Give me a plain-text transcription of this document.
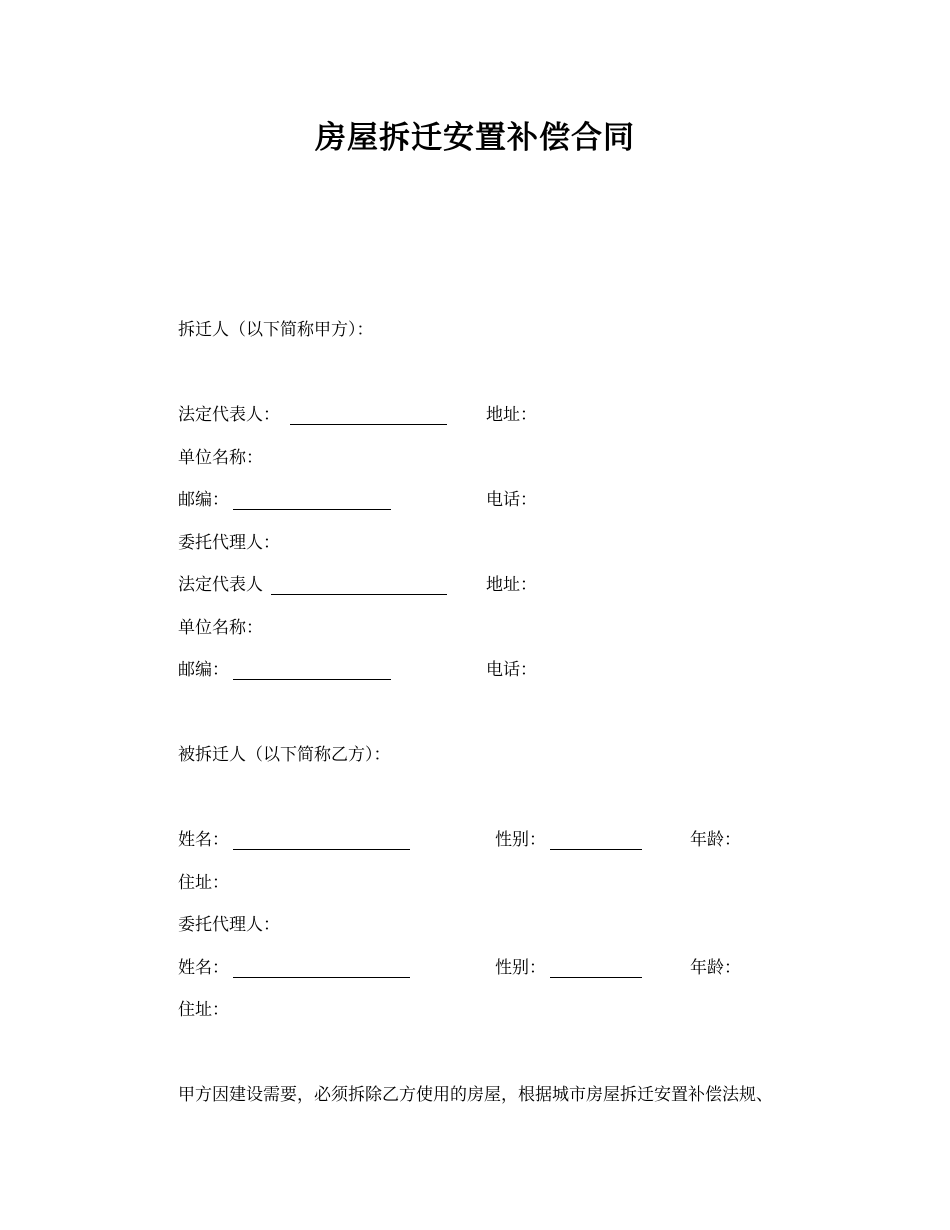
房屋拆迁安置补偿合同
拆迁人（以下简称甲方）：
法定代表人：	地址：
单位名称：
邮编：	电话：
委托代理人：
法定代表人	地址：
单位名称：
邮编：	电话：
被拆迁人（以下简称乙方）：
姓名：	性别：	年龄：
住址：
委托代理人：
姓名：	性别：	年龄：
住址：
甲方因建设需要，必须拆除乙方使用的房屋，根据城市房屋拆迁安置补偿法规、
